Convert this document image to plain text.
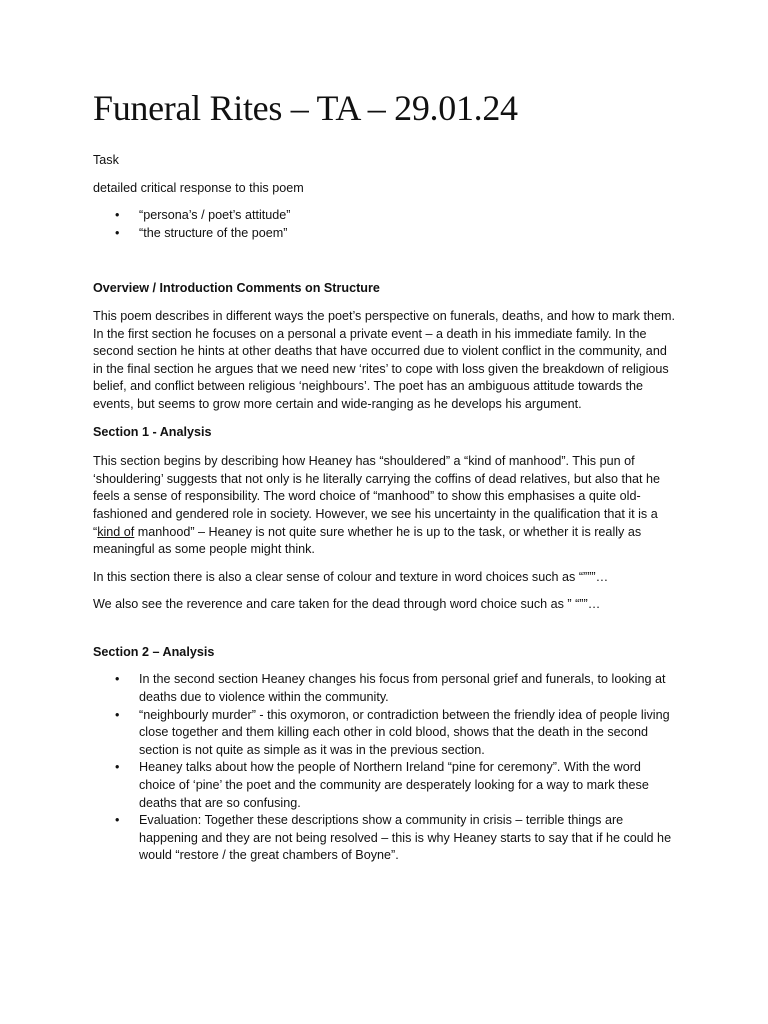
Funeral Rites – TA – 29.01.24

Task

detailed critical response to this poem

• “persona’s / poet’s attitude”
• “the structure of the poem”

Overview / Introduction Comments on Structure

This poem describes in different ways the poet’s perspective on funerals, deaths, and how to mark them. In the first section he focuses on a personal a private event – a death in his immediate family. In the second section he hints at other deaths that have occurred due to violent conflict in the community, and in the final section he argues that we need new ‘rites’ to cope with loss given the breakdown of religious belief, and conflict between religious ‘neighbours’. The poet has an ambiguous attitude towards the events, but seems to grow more certain and wide-ranging as he develops his argument.

Section 1 - Analysis

This section begins by describing how Heaney has “shouldered” a “kind of manhood”. This pun of ‘shouldering’ suggests that not only is he literally carrying the coffins of dead relatives, but also that he feels a sense of responsibility. The word choice of “manhood” to show this emphasises a quite old-fashioned and gendered role in society. However, we see his uncertainty in the qualification that it is a “kind of manhood” – Heaney is not quite sure whether he is up to the task, or whether it is really as meaningful as some people might think.

In this section there is also a clear sense of colour and texture in word choices such as “”””…

We also see the reverence and care taken for the dead through word choice such as ” “””…

Section 2 – Analysis

• In the second section Heaney changes his focus from personal grief and funerals, to looking at deaths due to violence within the community.
• “neighbourly murder” - this oxymoron, or contradiction between the friendly idea of people living close together and them killing each other in cold blood, shows that the death in the second section is not quite as simple as it was in the previous section.
• Heaney talks about how the people of Northern Ireland “pine for ceremony”. With the word choice of ‘pine’ the poet and the community are desperately looking for a way to mark these deaths that are so confusing.
• Evaluation: Together these descriptions show a community in crisis – terrible things are happening and they are not being resolved – this is why Heaney starts to say that if he could he would “restore / the great chambers of Boyne”.
